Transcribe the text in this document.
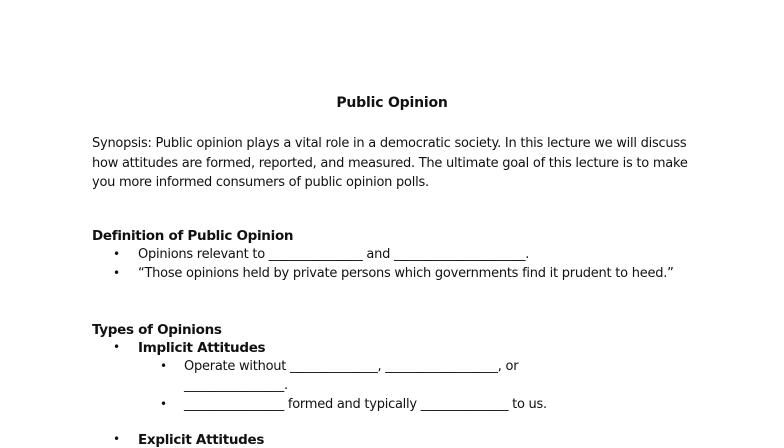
Public Opinion
Synopsis: Public opinion plays a vital role in a democratic society. In this lecture we will discuss how attitudes are formed, reported, and measured. The ultimate goal of this lecture is to make you more informed consumers of public opinion polls.
Definition of Public Opinion
• Opinions relevant to _______________ and _____________________.
• “Those opinions held by private persons which governments find it prudent to heed.”
Types of Opinions
• Implicit Attitudes
• Operate without ______________, __________________, or
________________.
• ________________ formed and typically ______________ to us.
• Explicit Attitudes
